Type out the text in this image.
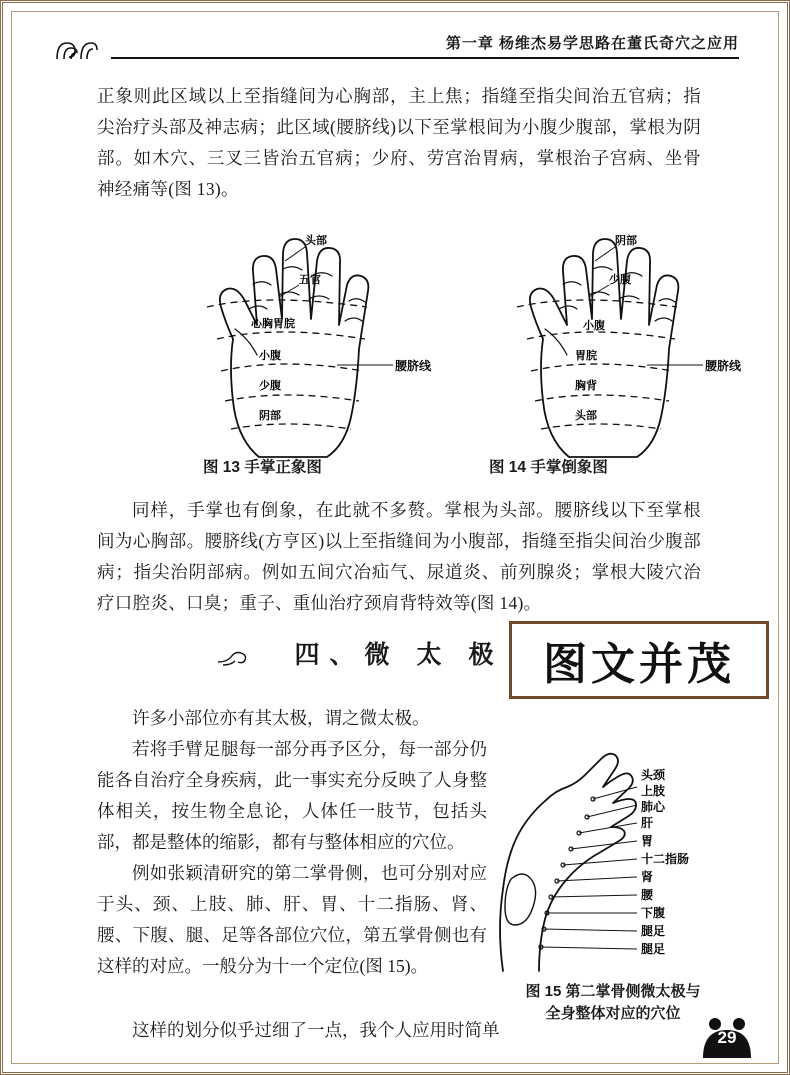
第一章 杨维杰易学思路在董氏奇穴之应用

正象则此区域以上至指缝间为心胸部，主上焦；指缝至指尖间治五官病；指尖治疗头部及神志病；此区域(腰脐线)以下至掌根间为小腹少腹部，掌根为阴部。如木穴、三叉三皆治五官病；少府、劳宫治胃病，掌根治子宫病、坐骨神经痛等(图 13)。

头部
五官
心胸胃脘
小腹
少腹
阴部
腰脐线
阴部
少腹
小腹
胃脘
胸背
头部
腰脐线
图 13 手掌正象图	图 14 手掌倒象图

同样，手掌也有倒象，在此就不多赘。掌根为头部。腰脐线以下至掌根间为心胸部。腰脐线(方亨区)以上至指缝间为小腹部，指缝至指尖间治少腹部病；指尖治阴部病。例如五间穴冶疝气、尿道炎、前列腺炎；掌根大陵穴治疗口腔炎、口臭；重子、重仙治疗颈肩背特效等(图 14)。

四、微 太 极 图文并茂

许多小部位亦有其太极，谓之微太极。

若将手臂足腿每一部分再予区分，每一部分仍能各自治疗全身疾病，此一事实充分反映了人身整体相关，按生物全息论，人体任一肢节，包括头部，都是整体的缩影，都有与整体相应的穴位。

例如张颖清研究的第二掌骨侧，也可分别对应于头、颈、上肢、肺、肝、胃、十二指肠、肾、腰、下腹、腿、足等各部位穴位，第五掌骨侧也有这样的对应。一般分为十一个定位(图 15)。

头颈
上肢
肺心
肝
胃
十二指肠
肾
腰
下腹
腿足
腿足
图 15 第二掌骨侧微太极与
全身整体对应的穴位

这样的划分似乎过细了一点，我个人应用时简单	29
